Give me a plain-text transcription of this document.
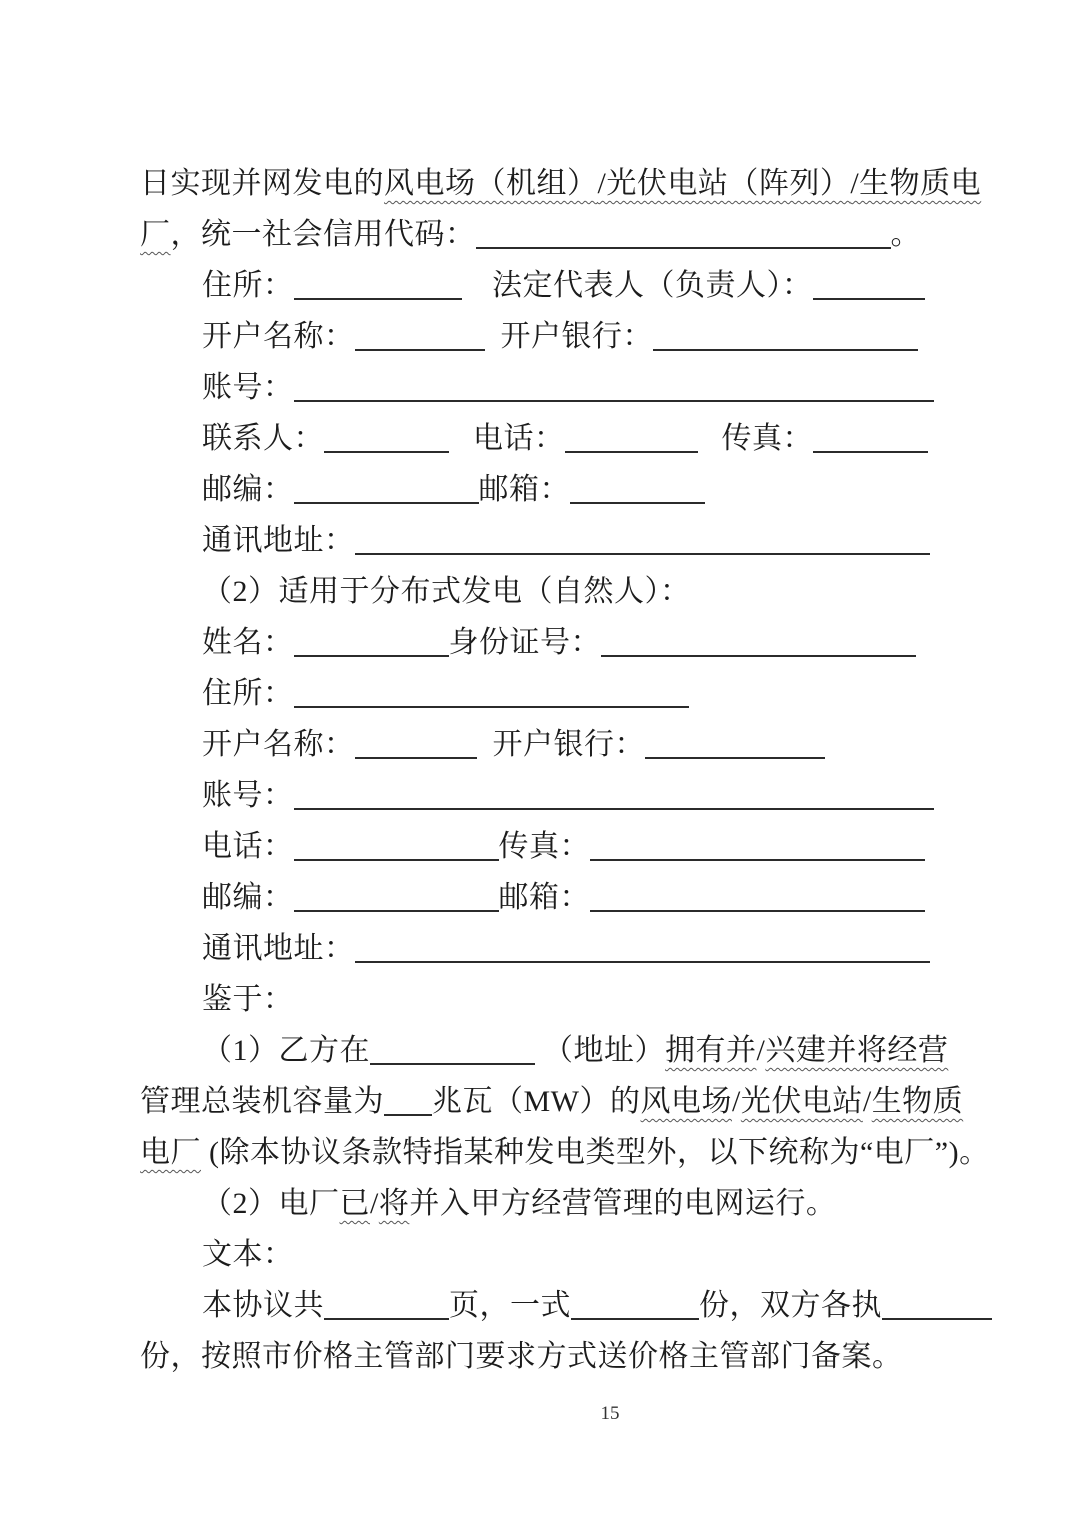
日实现并网发电的风电场（机组）/光伏电站（阵列）/生物质电
厂，统一社会信用代码：	。
住所：	　法定代表人（负责人）：
开户名称：	开户银行：
账号：
联系人：	电话：	传真：
邮编：	邮箱：
通讯地址：
（2）适用于分布式发电（自然人）：
姓名：	身份证号：
住所：
开户名称：	开户银行：
账号：
电话：	传真：
邮编：	邮箱：
通讯地址：
鉴于：
（1）乙方在	（地址）拥有并/兴建并将经营
管理总装机容量为 兆瓦（MW）的风电场/光伏电站/生物质
电厂 (除本协议条款特指某种发电类型外，以下统称为“电厂”)。
（2）电厂已/将并入甲方经营管理的电网运行。
文本：
本协议共	页，一式	份，双方各执
份，按照市价格主管部门要求方式送价格主管部门备案。
15
